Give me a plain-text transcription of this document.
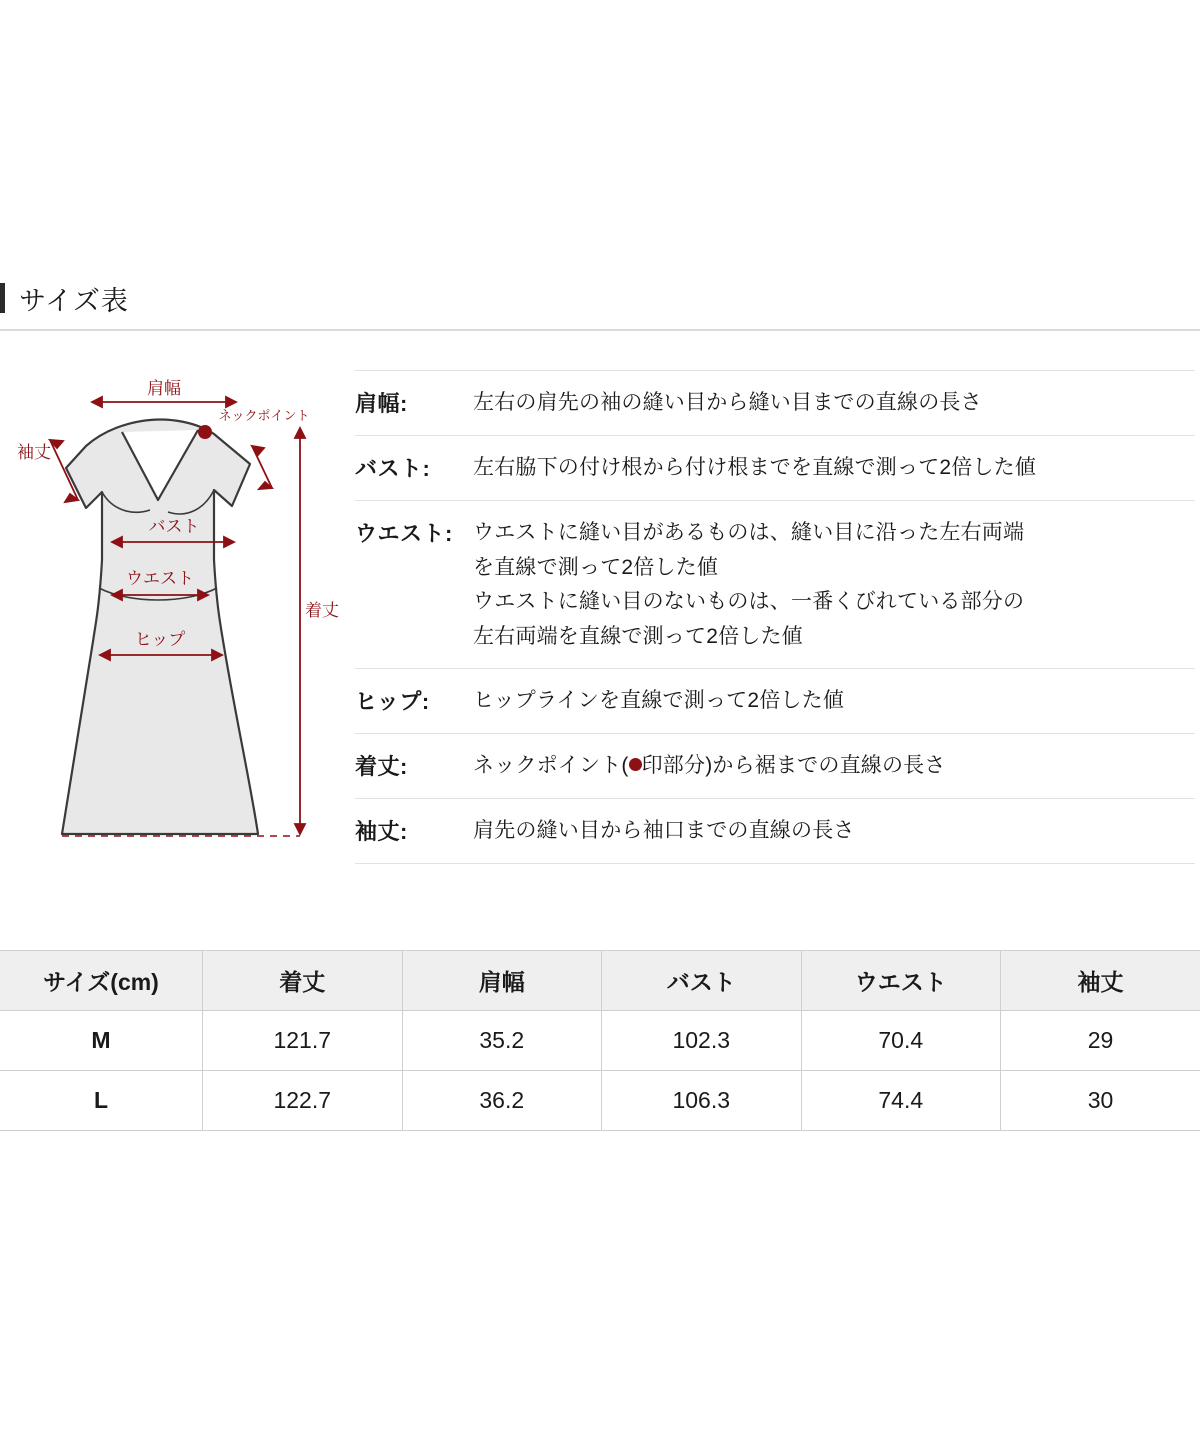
サイズ表
肩幅
ネックポイント
袖丈
バスト
ウエスト
ヒップ
着丈
肩幅:	左右の肩先の袖の縫い目から縫い目までの直線の長さ
バスト:	左右脇下の付け根から付け根までを直線で測って2倍した値
ウエスト: ウエストに縫い目があるものは、縫い目に沿った左右両端
を直線で測って2倍した値
ウエストに縫い目のないものは、一番くびれている部分の
左右両端を直線で測って2倍した値
ヒップ:	ヒップラインを直線で測って2倍した値
着丈:	ネックポイント( 印部分)から裾までの直線の長さ
袖丈:	肩先の縫い目から袖口までの直線の長さ
サイズ(cm)	着丈	肩幅	バスト	ウエスト	袖丈
M	121.7	35.2	102.3	70.4	29
L	122.7	36.2	106.3	74.4	30
